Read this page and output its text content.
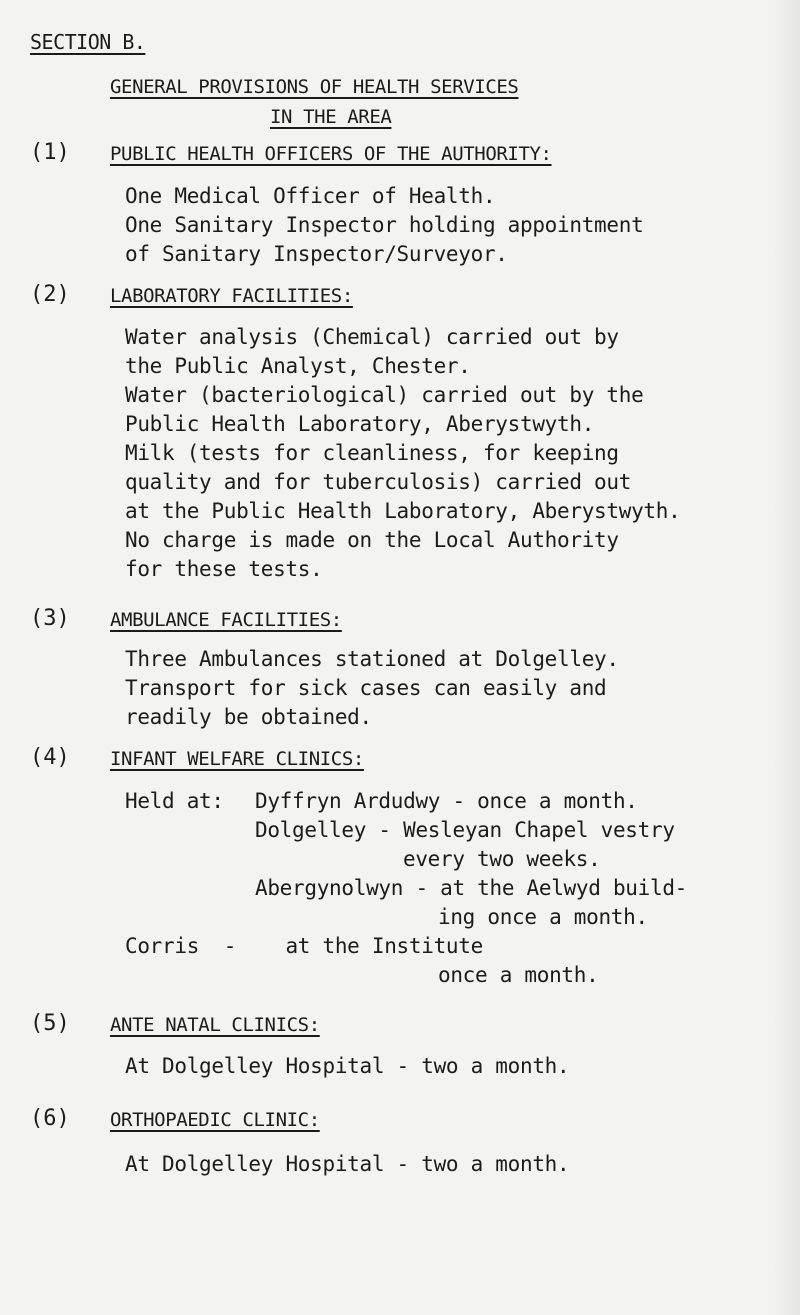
SECTION B.
GENERAL PROVISIONS OF HEALTH SERVICES
IN THE AREA
(1) PUBLIC HEALTH OFFICERS OF THE AUTHORITY:
One Medical Officer of Health.
One Sanitary Inspector holding appointment
of Sanitary Inspector/Surveyor.
(2) LABORATORY FACILITIES:
Water analysis (Chemical) carried out by
the Public Analyst, Chester.
Water (bacteriological) carried out by the
Public Health Laboratory, Aberystwyth.
Milk (tests for cleanliness, for keeping
quality and for tuberculosis) carried out
at the Public Health Laboratory, Aberystwyth.
No charge is made on the Local Authority
for these tests.
(3) AMBULANCE FACILITIES:
Three Ambulances stationed at Dolgelley.
Transport for sick cases can easily and
readily be obtained.
(4) INFANT WELFARE CLINICS:
Held at: Dyffryn Ardudwy - once a month.
Dolgelley - Wesleyan Chapel vestry
every two weeks.
Abergynolwyn - at the Aelwyd build-
ing once a month.
Corris  -    at the Institute
once a month.
(5) ANTE NATAL CLINICS:
At Dolgelley Hospital - two a month.
(6) ORTHOPAEDIC CLINIC:
At Dolgelley Hospital - two a month.
